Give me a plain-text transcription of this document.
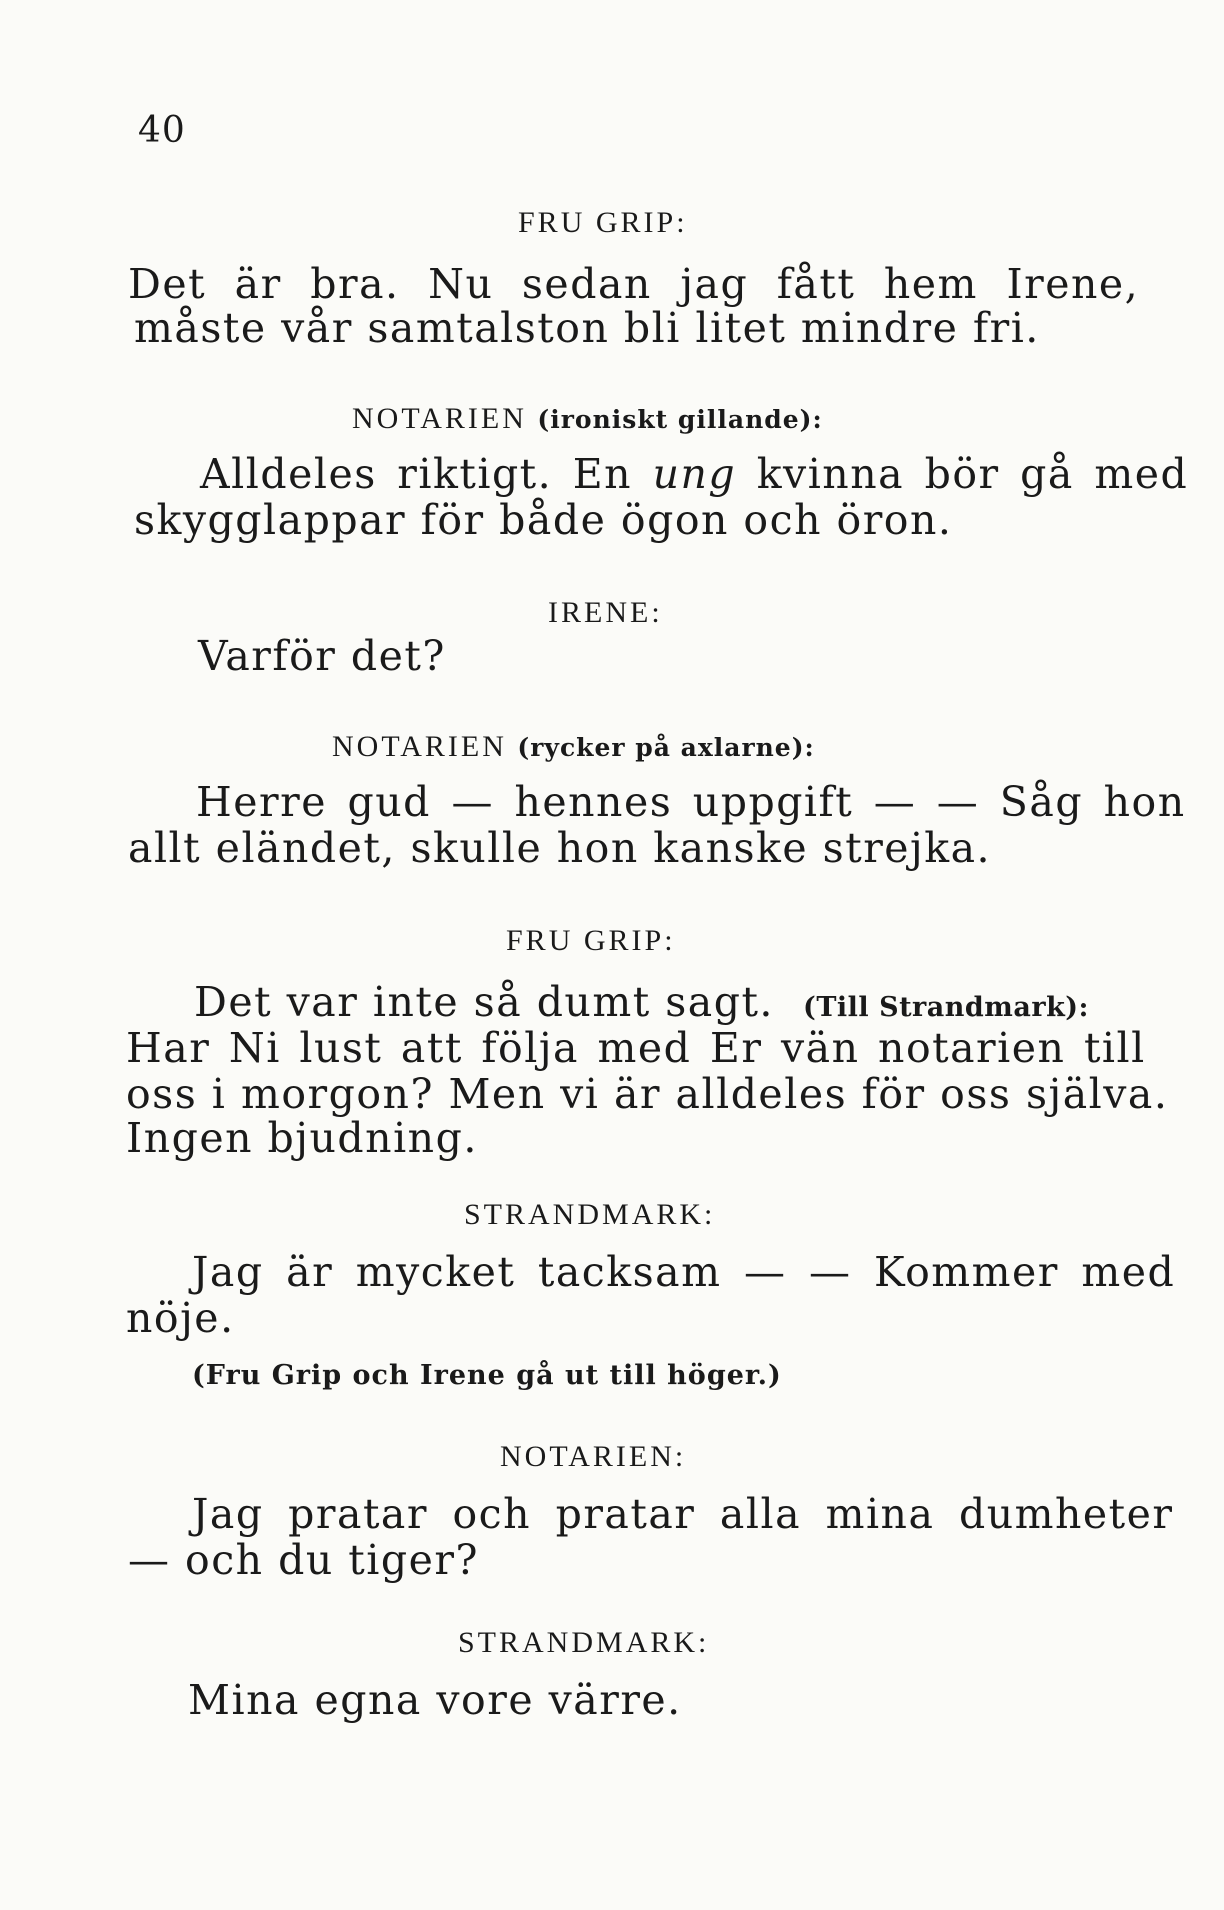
40
FRU GRIP:
Det är bra. Nu sedan jag fått hem Irene,
måste vår samtalston bli litet mindre fri.
NOTARIEN (ironiskt gillande):
Alldeles riktigt. En ung kvinna bör gå med
skygglappar för både ögon och öron.
IRENE:
Varför det?
NOTARIEN (rycker på axlarne):
Herre gud — hennes uppgift — — Såg hon
allt eländet, skulle hon kanske strejka.
FRU GRIP:
Det var inte så dumt sagt. (Till Strandmark):
Har Ni lust att följa med Er vän notarien till
oss i morgon? Men vi är alldeles för oss själva.
Ingen bjudning.
STRANDMARK:
Jag är mycket tacksam — — Kommer med
nöje.
(Fru Grip och Irene gå ut till höger.)
NOTARIEN:
Jag pratar och pratar alla mina dumheter
— och du tiger?
STRANDMARK:
Mina egna vore värre.
